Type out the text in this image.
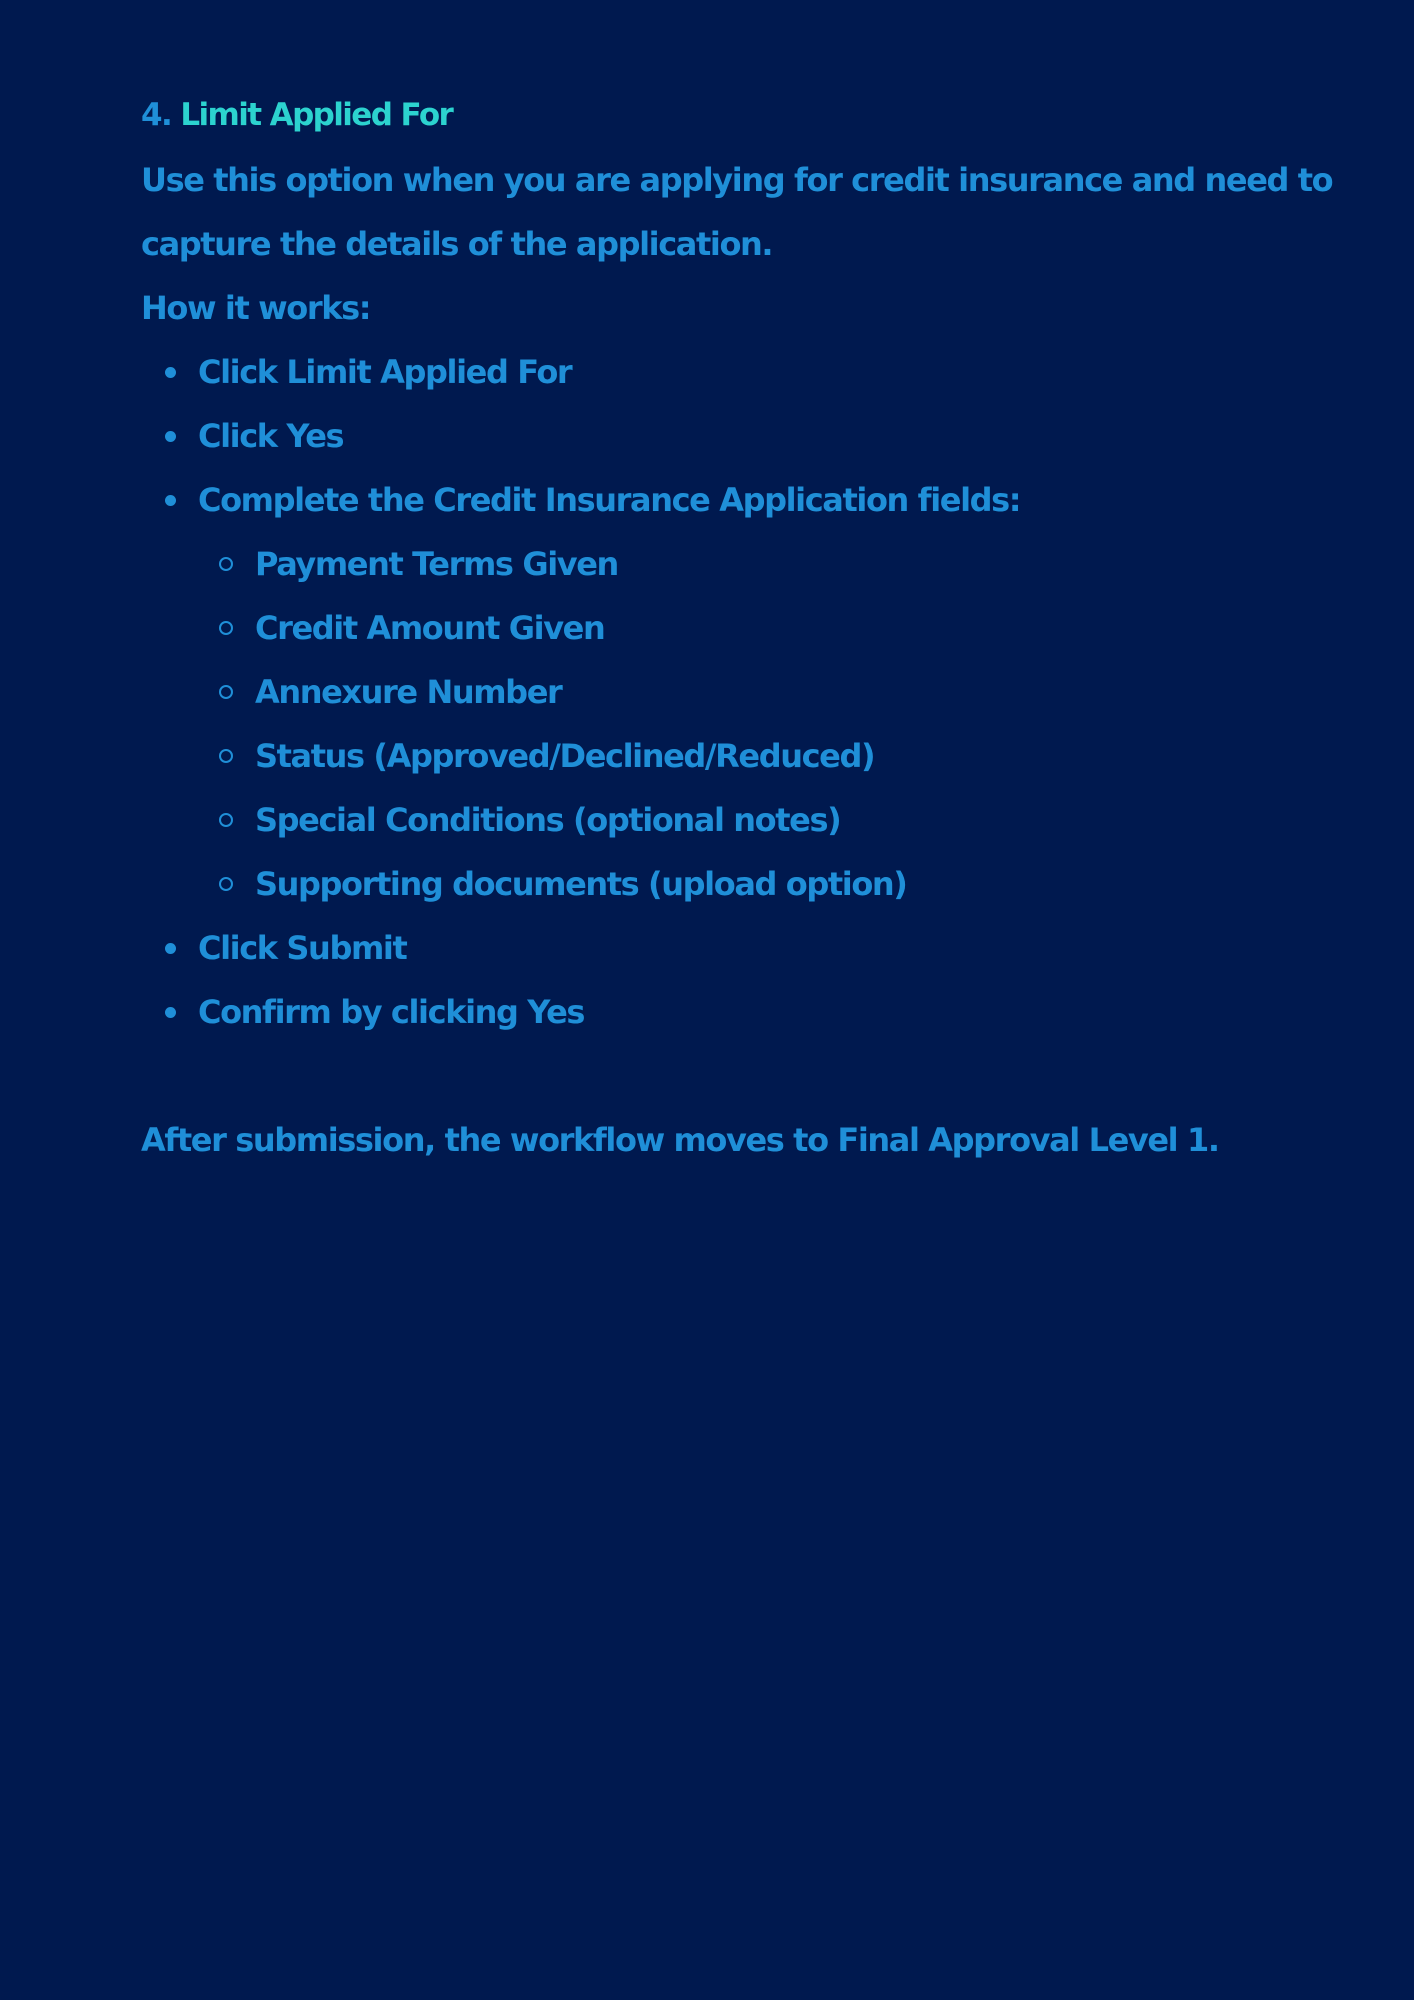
4. Limit Applied For
Use this option when you are applying for credit insurance and need to
capture the details of the application.
How it works:
Click Limit Applied For
Click Yes
Complete the Credit Insurance Application fields:
Payment Terms Given
Credit Amount Given
Annexure Number
Status (Approved/Declined/Reduced)
Special Conditions (optional notes)
Supporting documents (upload option)
Click Submit
Confirm by clicking Yes

After submission, the workflow moves to Final Approval Level 1.
